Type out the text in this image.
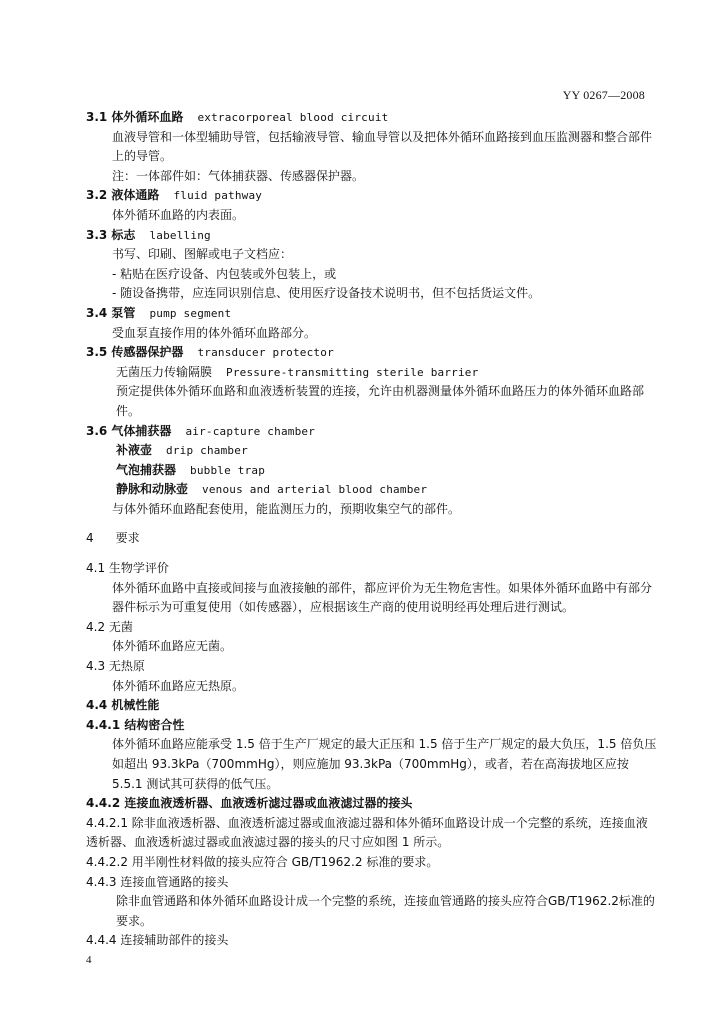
YY 0267—2008
3.1 体外循环血路 extracorporeal blood circuit
血液导管和一体型辅助导管，包括输液导管、输血导管以及把体外循环血路接到血压监测器和整合部件上的导管。
注：一体部件如：气体捕获器、传感器保护器。
3.2 液体通路 fluid pathway
体外循环血路的内表面。
3.3 标志 labelling
书写、印刷、图解或电子文档应：
- 粘贴在医疗设备、内包装或外包装上，或
- 随设备携带，应连同识别信息、使用医疗设备技术说明书，但不包括货运文件。
3.4 泵管 pump segment
受血泵直接作用的体外循环血路部分。
3.5 传感器保护器 transducer protector
无菌压力传输隔膜 Pressure-transmitting sterile barrier
预定提供体外循环血路和血液透析装置的连接，允许由机器测量体外循环血路压力的体外循环血路部件。
3.6 气体捕获器 air-capture chamber
补液壶 drip chamber
气泡捕获器 bubble trap
静脉和动脉壶 venous and arterial blood chamber
与体外循环血路配套使用，能监测压力的，预期收集空气的部件。
4 要求
4.1 生物学评价
体外循环血路中直接或间接与血液接触的部件，都应评价为无生物危害性。如果体外循环血路中有部分器件标示为可重复使用（如传感器），应根据该生产商的使用说明经再处理后进行测试。
4.2 无菌
体外循环血路应无菌。
4.3 无热原
体外循环血路应无热原。
4.4 机械性能
4.4.1 结构密合性
体外循环血路应能承受 1.5 倍于生产厂规定的最大正压和 1.5 倍于生产厂规定的最大负压，1.5 倍负压如超出 93.3kPa（700mmHg），则应施加 93.3kPa（700mmHg），或者，若在高海拔地区应按 5.5.1 测试其可获得的低气压。
4.4.2 连接血液透析器、血液透析滤过器或血液滤过器的接头
4.4.2.1 除非血液透析器、血液透析滤过器或血液滤过器和体外循环血路设计成一个完整的系统，连接血液透析器、血液透析滤过器或血液滤过器的接头的尺寸应如图 1 所示。
4.4.2.2 用半刚性材料做的接头应符合 GB/T1962.2 标准的要求。
4.4.3 连接血管通路的接头
除非血管通路和体外循环血路设计成一个完整的系统，连接血管通路的接头应符合GB/T1962.2标准的要求。
4.4.4 连接辅助部件的接头
4
